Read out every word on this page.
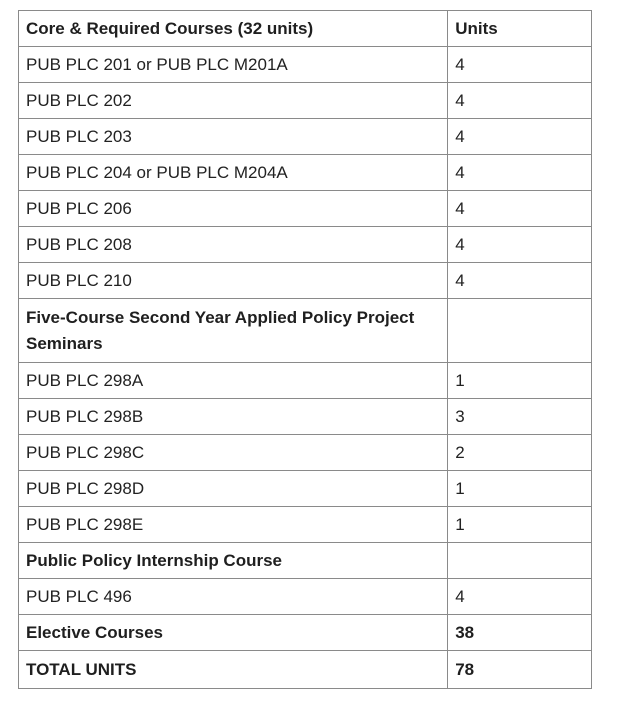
Core & Required Courses (32 units)	Units
PUB PLC 201 or PUB PLC M201A	4
PUB PLC 202	4
PUB PLC 203	4
PUB PLC 204 or PUB PLC M204A	4
PUB PLC 206	4
PUB PLC 208	4
PUB PLC 210	4
Five-Course Second Year Applied Policy Project Seminars	
PUB PLC 298A	1
PUB PLC 298B	3
PUB PLC 298C	2
PUB PLC 298D	1
PUB PLC 298E	1
Public Policy Internship Course	
PUB PLC 496	4
Elective Courses	38
TOTAL UNITS	78
